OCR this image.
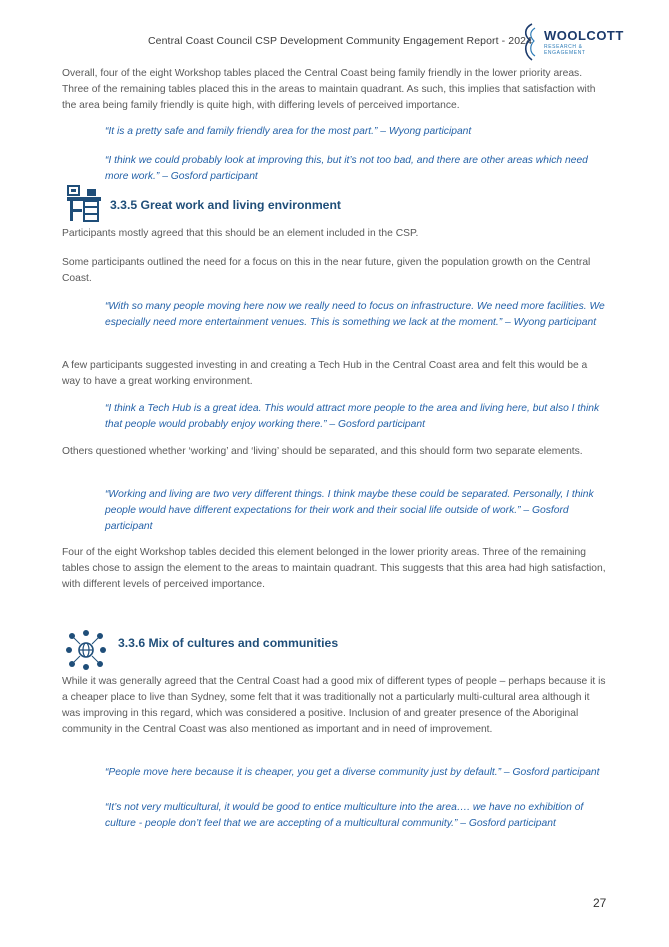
Central Coast Council CSP Development Community Engagement Report - 2024 WOOLCOTT
RESEARCH & ENGAGEMENT

Overall, four of the eight Workshop tables placed the Central Coast being family friendly in the lower priority areas. Three of the remaining tables placed this in the areas to maintain quadrant. As such, this implies that satisfaction with the area being family friendly is quite high, with differing levels of perceived importance.

“It is a pretty safe and family friendly area for the most part.” – Wyong participant

“I think we could probably look at improving this, but it’s not too bad, and there are other areas which need more work.” – Gosford participant

3.3.5 Great work and living environment

Participants mostly agreed that this should be an element included in the CSP.

Some participants outlined the need for a focus on this in the near future, given the population growth on the Central Coast.

“With so many people moving here now we really need to focus on infrastructure. We need more facilities. We especially need more entertainment venues. This is something we lack at the moment.” – Wyong participant

A few participants suggested investing in and creating a Tech Hub in the Central Coast area and felt this would be a way to have a great working environment.

“I think a Tech Hub is a great idea. This would attract more people to the area and living here, but also I think that people would probably enjoy working there.” – Gosford participant

Others questioned whether ‘working’ and ‘living’ should be separated, and this should form two separate elements.

“Working and living are two very different things. I think maybe these could be separated. Personally, I think people would have different expectations for their work and their social life outside of work.” – Gosford participant

Four of the eight Workshop tables decided this element belonged in the lower priority areas. Three of the remaining tables chose to assign the element to the areas to maintain quadrant. This suggests that this area had high satisfaction, with different levels of perceived importance.

3.3.6 Mix of cultures and communities

While it was generally agreed that the Central Coast had a good mix of different types of people – perhaps because it is a cheaper place to live than Sydney, some felt that it was traditionally not a particularly multi-cultural area although it was improving in this regard, which was considered a positive. Inclusion of and greater presence of the Aboriginal community in the Central Coast was also mentioned as important and in need of improvement.

“People move here because it is cheaper, you get a diverse community just by default.” – Gosford participant

“It’s not very multicultural, it would be good to entice multiculture into the area…. we have no exhibition of culture - people don’t feel that we are accepting of a multicultural community.” – Gosford participant

27
